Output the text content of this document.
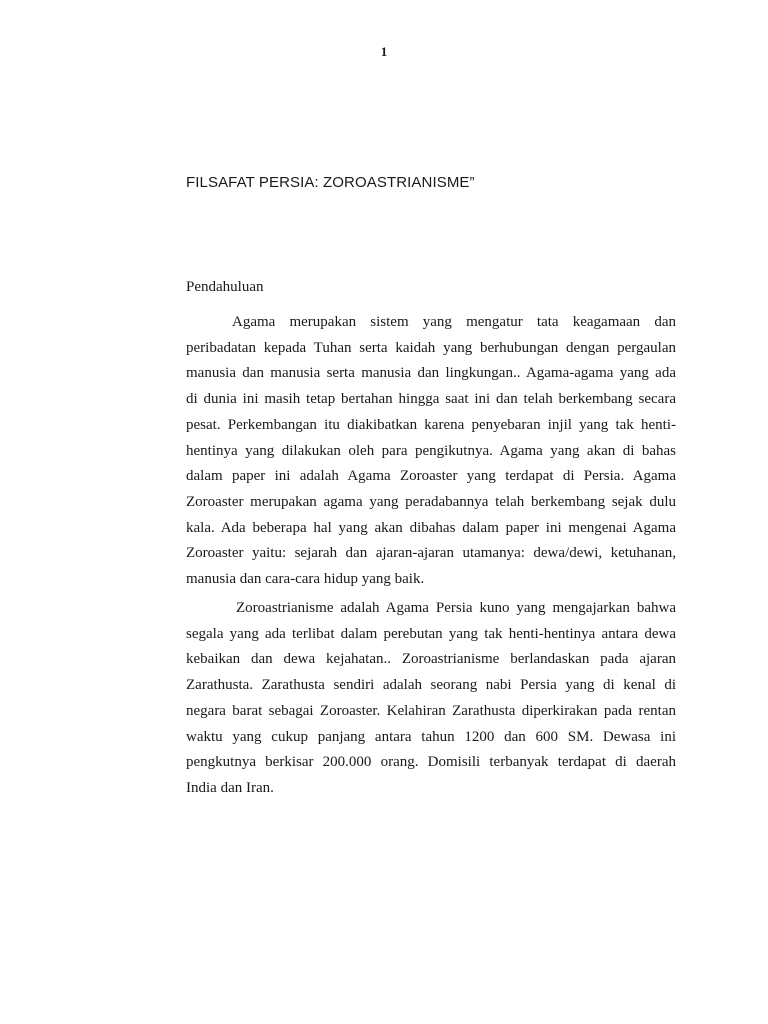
1
FILSAFAT PERSIA: ZOROASTRIANISME”
Pendahuluan

Agama merupakan sistem yang mengatur tata keagamaan dan
peribadatan kepada Tuhan serta kaidah yang berhubungan dengan pergaulan
manusia dan manusia serta manusia dan lingkungan.. Agama-agama yang ada
di dunia ini masih tetap bertahan hingga saat ini dan telah berkembang secara
pesat. Perkembangan itu diakibatkan karena penyebaran injil yang tak henti-
hentinya yang dilakukan oleh para pengikutnya. Agama yang akan di bahas
dalam paper ini adalah Agama Zoroaster yang terdapat di Persia. Agama
Zoroaster merupakan agama yang peradabannya telah berkembang sejak dulu
kala. Ada beberapa hal yang akan dibahas dalam paper ini mengenai Agama
Zoroaster yaitu: sejarah dan ajaran-ajaran utamanya: dewa/dewi, ketuhanan,
manusia dan cara-cara hidup yang baik.

Zoroastrianisme adalah Agama Persia kuno yang mengajarkan bahwa
segala yang ada terlibat dalam perebutan yang tak henti-hentinya antara dewa
kebaikan dan dewa kejahatan.. Zoroastrianisme berlandaskan pada ajaran
Zarathusta. Zarathusta sendiri adalah seorang nabi Persia yang di kenal di
negara barat sebagai Zoroaster. Kelahiran Zarathusta diperkirakan pada rentan
waktu yang cukup panjang antara tahun 1200 dan 600 SM. Dewasa ini
pengkutnya berkisar 200.000 orang. Domisili terbanyak terdapat di daerah
India dan Iran.
